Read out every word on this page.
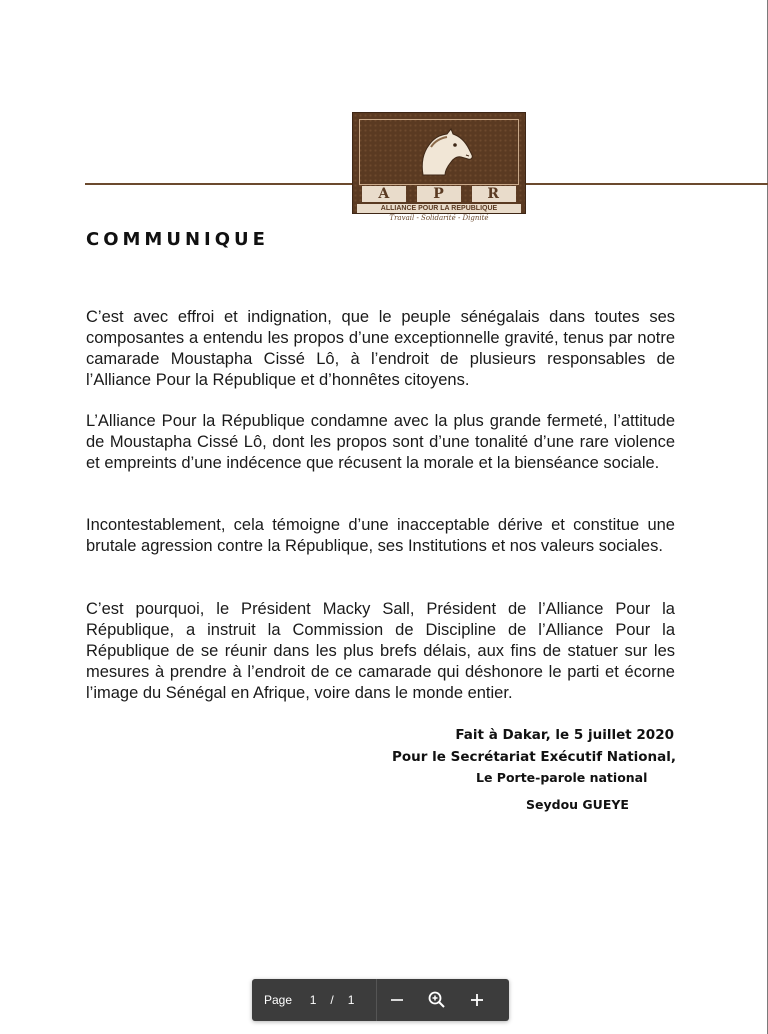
A	P	R
ALLIANCE POUR LA REPUBLIQUE
Travail - Solidarité - Dignité
COMMUNIQUE

C’est avec effroi et indignation, que le peuple sénégalais dans toutes ses composantes a entendu les propos d’une exceptionnelle gravité, tenus par notre camarade Moustapha Cissé Lô, à l’endroit de plusieurs responsables de l’Alliance Pour la République et d’honnêtes citoyens.

L’Alliance Pour la République condamne avec la plus grande fermeté, l’attitude de Moustapha Cissé Lô, dont les propos sont d’une tonalité d’une rare violence et empreints d’une indécence que récusent la morale et la bienséance sociale.

Incontestablement, cela témoigne d’une inacceptable dérive et constitue une brutale agression contre la République, ses Institutions et nos valeurs sociales.

C’est pourquoi, le Président Macky Sall, Président de l’Alliance Pour la République, a instruit la Commission de Discipline de l’Alliance Pour la République de se réunir dans les plus brefs délais, aux fins de statuer sur les mesures à prendre à l’endroit de ce camarade qui déshonore le parti et écorne l’image du Sénégal en Afrique, voire dans le monde entier.

Fait à Dakar, le 5 juillet 2020
Pour le Secrétariat Exécutif National,
Le Porte-parole national
Seydou GUEYE
Page	1	/	1
